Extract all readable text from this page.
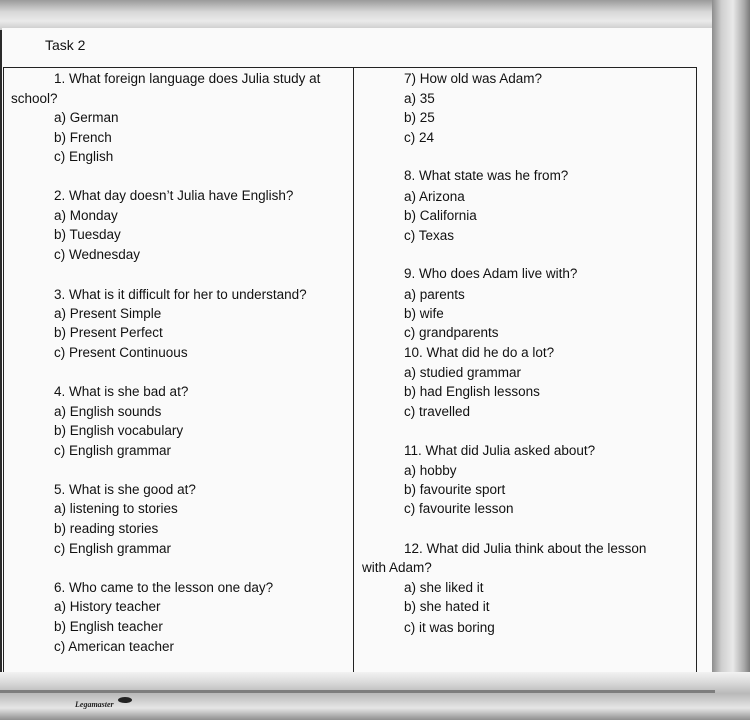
Legamaster
Task 2
1. What foreign language does Julia study at
school?
a) German
b) French
c) English
2. What day doesn’t Julia have English?
a) Monday
b) Tuesday
c) Wednesday
3. What is it difficult for her to understand?
a) Present Simple
b) Present Perfect
c) Present Continuous
4. What is she bad at?
a) English sounds
b) English vocabulary
c) English grammar
5. What is she good at?
a) listening to stories
b) reading stories
c) English grammar
6. Who came to the lesson one day?
a) History teacher
b) English teacher
c) American teacher
7) How old was Adam?
a) 35
b) 25
c) 24
8. What state was he from?
a) Arizona
b) California
c) Texas
9. Who does Adam live with?
a) parents
b) wife
c) grandparents
10. What did he do a lot?
a) studied grammar
b) had English lessons
c) travelled
11. What did Julia asked about?
a) hobby
b) favourite sport
c) favourite lesson
12. What did Julia think about the lesson
with Adam?
a) she liked it
b) she hated it
c) it was boring
